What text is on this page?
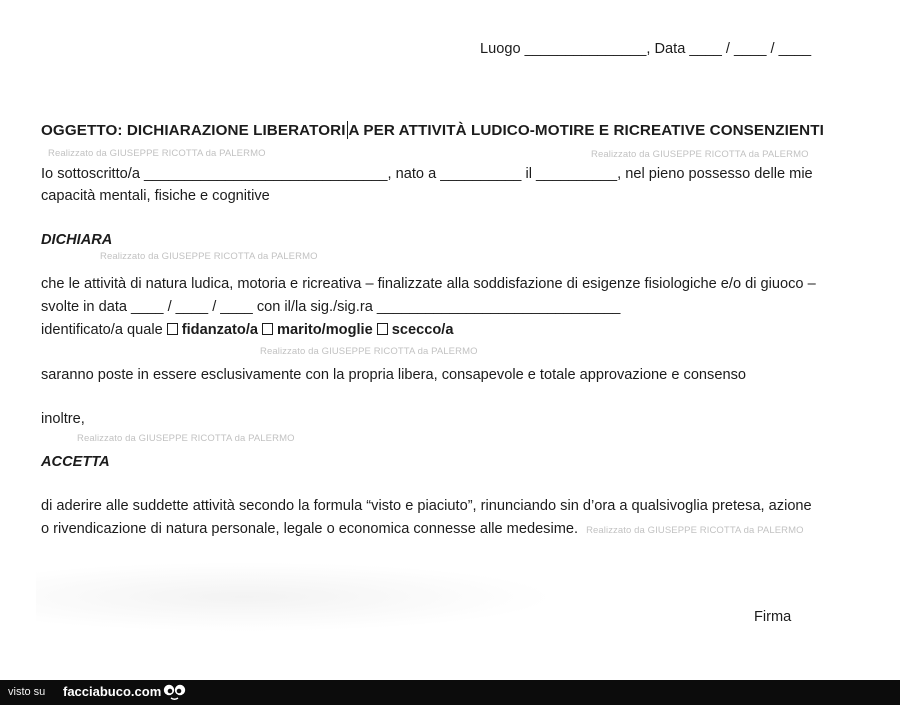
Luogo _______________, Data ____ / ____ / ____
OGGETTO: DICHIARAZIONE LIBERATORI A PER ATTIVITÀ LUDICO-MOTIRE E RICREATIVE CONSENZIENTI
Realizzato da GIUSEPPE RICOTTA da PALERMO	Realizzato da GIUSEPPE RICOTTA da PALERMO
Io sottoscritto/a ______________________________, nato a __________ il __________, nel pieno possesso delle mie
capacità mentali, fisiche e cognitive
DICHIARA
Realizzato da GIUSEPPE RICOTTA da PALERMO
che le attività di natura ludica, motoria e ricreativa – finalizzate alla soddisfazione di esigenze fisiologiche e/o di giuoco –
svolte in data ____ / ____ / ____ con il/la sig./sig.ra ______________________________
identificato/a quale fidanzato/a marito/moglie scecco/a
Realizzato da GIUSEPPE RICOTTA da PALERMO
saranno poste in essere esclusivamente con la propria libera, consapevole e totale approvazione e consenso
inoltre,
Realizzato da GIUSEPPE RICOTTA da PALERMO
ACCETTA
di aderire alle suddette attività secondo la formula “visto e piaciuto”, rinunciando sin d’ora a qualsivoglia pretesa, azione
o rivendicazione di natura personale, legale o economica connesse alle medesime. Realizzato da GIUSEPPE RICOTTA da PALERMO
Firma
visto su facciabuco.com
